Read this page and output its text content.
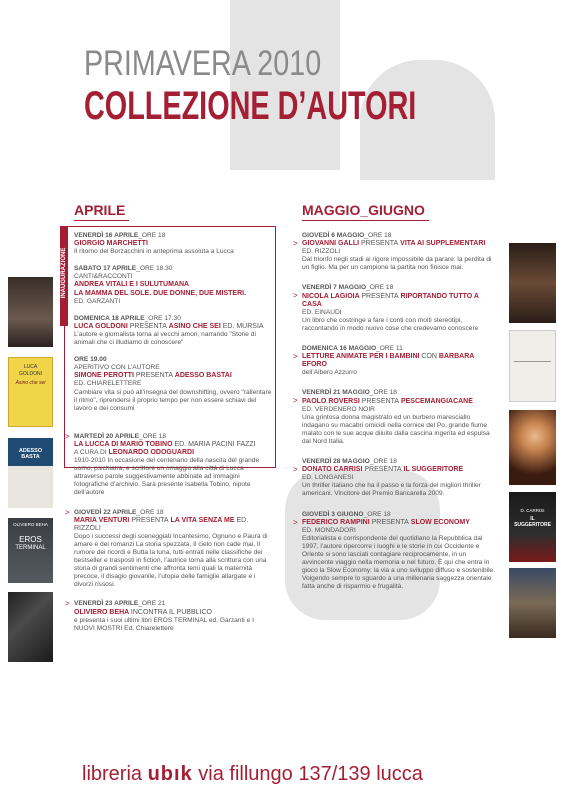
PRIMAVERA 2010
COLLEZIONE D’AUTORI
APRILE	MAGGIO_GIUGNO
INAUGURAZIONE
VENERDÌ 16 APRILE_ORE 18
GIORGIO MARCHETTI
Il ritorno del Borzacchini in anteprima assoluta a Lucca
SABATO 17 APRILE_ORE 18.30
CANTI&RACCONTI
ANDREA VITALI E I SULUTUMANA
LA MAMMA DEL SOLE. DUE DONNE, DUE MISTERI.
ED. GARZANTI
DOMENICA 18 APRILE_ORE 17.30
LUCA GOLDONI PRESENTA ASINO CHE SEI ED. MURSIA
L’autore e giornalista torna ai vecchi amori, narrando "Storie di animali che ci illudiamo di conoscere"
ORE 19.00
APERITIVO CON L’AUTORE
SIMONE PEROTTI PRESENTA ADESSO BASTAI
ED. CHIARELETTERE
Cambiare vita si può all’insegna del downshifting, ovvero "rallentare il ritmo", riprendersi il proprio tempo per non essere schiavi del lavoro e dei consumi
> MARTEDÌ 20 APRILE_ORE 18
LA LUCCA DI MARIO TOBINO ED. MARIA PACINI FAZZI
A CURA DI LEONARDO ODOGUARDI
1910-2010 In occasione del centenario della nascita del grande uomo, psichiatra, e scrittore un omaggio alla città di Lucca attraverso parole suggestivamente abbinate ad immagini fotografiche d’archivio. Sarà presente Isabella Tobino, nipote dell’autore
> GIOVEDÌ 22 APRILE_ORE 18
MARIA VENTURI PRESENTA LA VITA SENZA ME ED. RIZZOLI
Dopo i successi degli sceneggiati Incantesimo, Ognuno e Paura di amare e dei romanzi La storia spezzata, Il cielo non cade mai, Il rumore dei ricordi e Butta la luna, tutti entrati nelle classifiche dei bestseller e trasposti in fiction, l’autrice torna alla scrittura con una storia di grandi sentimenti che affronta temi quali la maternità precoce, il disagio giovanile, l’utopia delle famiglie allargate e i divorzi rissosi.
> VENERDÌ 23 APRILE_ORE 21
OLIVIERO BEHA INCONTRA IL PUBBLICO
e presenta i suoi ultimi libri EROS TERMINAL ed. Garzanti e I NUOVI MOSTRI Ed. Chiarelettere
>
GIOVEDÌ 6 MAGGIO_ORE 18
GIOVANNI GALLI PRESENTA VITA AI SUPPLEMENTARI
ED. RIZZOLI
Dal trionfo negli stadi ai rigore impossibile da parare: la perdita di un figlio. Ma per un campione la partita non finisce mai.
>
VENERDÌ 7 MAGGIO_ORE 18
NICOLA LAGIOIA PRESENTA RIPORTANDO TUTTO A CASA
ED. EINAUDI
Un libro che costringe a fare i conti con molti stereotipi, raccontando in modo nuovo cose che credevamo conoscere
>
DOMENICA 16 MAGGIO_ORE 11
LETTURE ANIMATE PER I BAMBINI CON BARBARA EFORO
dell’Albero Azzurro
>
VENERDÌ 21 MAGGIO_ORE 18
PAOLO ROVERSI PRESENTA PESCEMANGIACANE
ED. VERDENERO NOIR
Una grintosa donna magistrato ed un burbero maresciallo indagano su macabri omicidi nella cornice del Po, grande fiume malato con le sue acque diluite dalla cascina ingerita ed espulsa dal Nord Italia.
>
VENERDÌ 28 MAGGIO_ORE 18
DONATO CARRISI PRESENTA IL SUGGERITORE
ED. LONGANESI
Un thriller italiano che ha il passo e la forza dei migliori thriller americani. Vincitore del Premio Bancarella 2009.
>
GIOVEDÌ 3 GIUGNO_ORE 18
FEDERICO RAMPINI PRESENTA SLOW ECONOMY
ED. MONDADORI
Editorialista e corrispondente del quotidiano la Repubblica dal 1997, l’autore ripercorre i luoghi e le storie in cui Occidente e Oriente si sono lasciati contagiare reciprocamente, in un avvincente viaggio nella memoria e nel futuro. È qui che entra in gioco la Slow Economy: la via a uno sviluppo diffuso e sostenibile. Volgendo sempre lo sguardo a una millenaria saggezza orientale fatta anche di risparmio e frugalità.
LUCA
GOLDONI
Asino che sei
ADESSO BASTA
OLIVIERO BEHA
EROS
TERMINAL
D. CARRISI
IL SUGGERITORE
libreria ubık via fillungo 137/139 lucca
